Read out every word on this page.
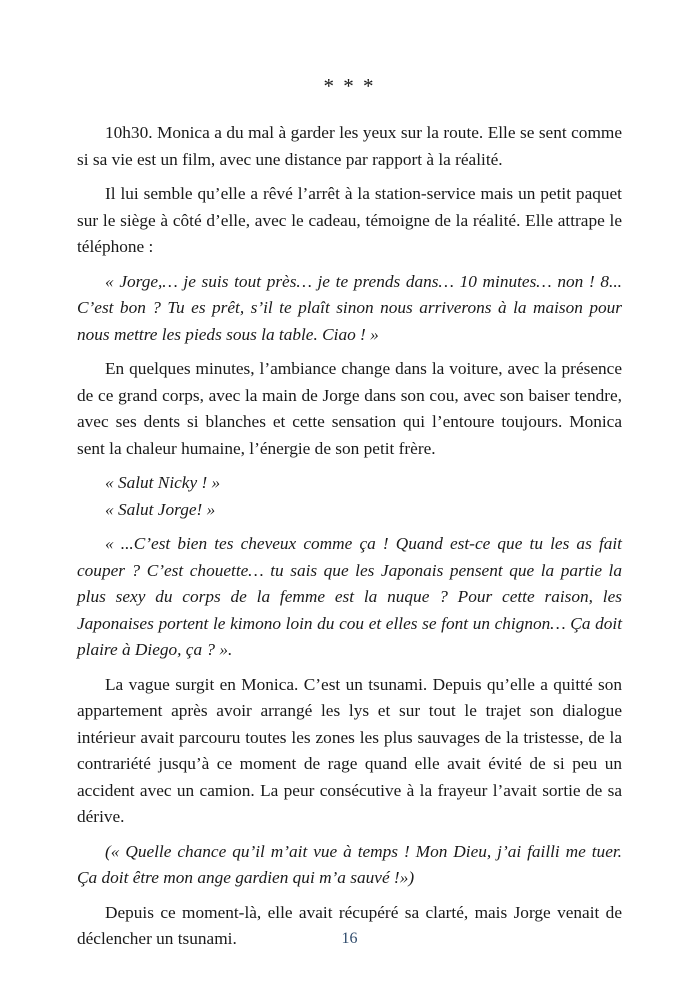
* * *

10h30. Monica a du mal à garder les yeux sur la route. Elle se sent comme si sa vie est un film, avec une distance par rapport à la réalité.

Il lui semble qu’elle a rêvé l’arrêt à la station-service mais un petit paquet sur le siège à côté d’elle, avec le cadeau, témoigne de la réalité. Elle attrape le téléphone :

« Jorge,… je suis tout près… je te prends dans… 10 minutes… non ! 8... C’est bon ? Tu es prêt, s’il te plaît sinon nous arriverons à la maison pour nous mettre les pieds sous la table. Ciao ! »

En quelques minutes, l’ambiance change dans la voiture, avec la présence de ce grand corps, avec la main de Jorge dans son cou, avec son baiser tendre, avec ses dents si blanches et cette sensation qui l’entoure toujours. Monica sent la chaleur humaine, l’énergie de son petit frère.

« Salut Nicky ! »

« Salut Jorge! »

« ...C’est bien tes cheveux comme ça ! Quand est-ce que tu les as fait couper ? C’est chouette… tu sais que les Japonais pensent que la partie la plus sexy du corps de la femme est la nuque ? Pour cette raison, les Japonaises portent le kimono loin du cou et elles se font un chignon… Ça doit plaire à Diego, ça ? ».

La vague surgit en Monica. C’est un tsunami. Depuis qu’elle a quitté son appartement après avoir arrangé les lys et sur tout le trajet son dialogue intérieur avait parcouru toutes les zones les plus sauvages de la tristesse, de la contrariété jusqu’à ce moment de rage quand elle avait évité de si peu un accident avec un camion. La peur consécutive à la frayeur l’avait sortie de sa dérive.

(« Quelle chance qu’il m’ait vue à temps ! Mon Dieu, j’ai failli me tuer. Ça doit être mon ange gardien qui m’a sauvé !»)

Depuis ce moment-là, elle avait récupéré sa clarté, mais Jorge venait de déclencher un tsunami.	16
